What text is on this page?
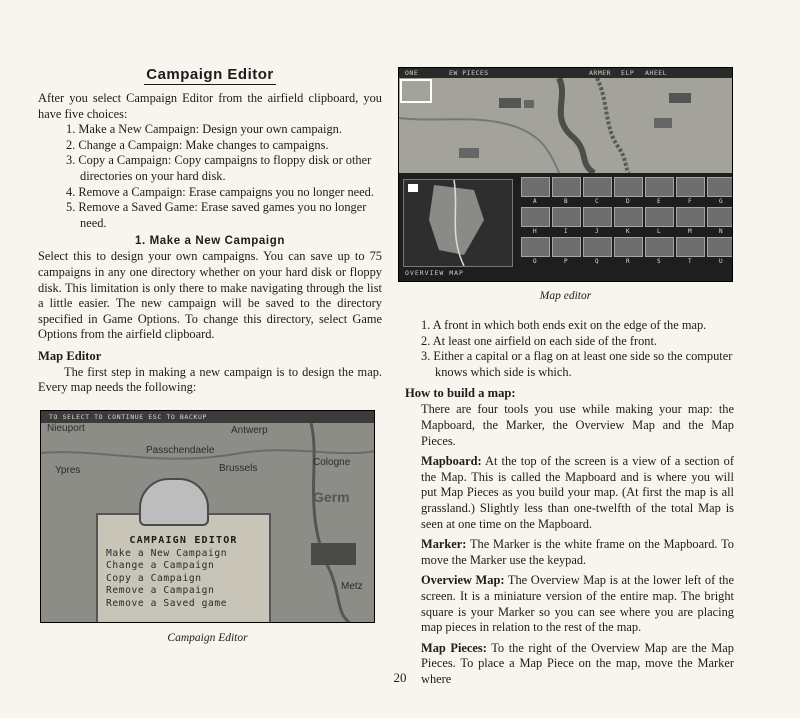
Campaign Editor

After you select Campaign Editor from the airfield clipboard, you have five choices:

1. Make a New Campaign: Design your own campaign.
2. Change a Campaign: Make changes to campaigns.
3. Copy a Campaign: Copy campaigns to floppy disk or other directories on your hard disk.
4. Remove a Campaign: Erase campaigns you no longer need.
5. Remove a Saved Game: Erase saved games you no longer need.
1. Make a New Campaign

Select this to design your own campaigns. You can save up to 75 campaigns in any one directory whether on your hard disk or floppy disk. This limitation is only there to make navigating through the list a little easier. The new campaign will be saved to the directory specified in Game Options. To change this directory, select Game Options from the airfield clipboard.

Map Editor

The first step in making a new campaign is to design the map. Every map needs the following:

ONE	EW PIECES	ARMER ELP AHEEL
OVERVIEW MAP
A	B	C	D	E	F	G
H	I	J	K	L	M	N
O	P	Q	R	S	T	U
Map editor
TO SELECT TO CONTINUE ESC TO BACKUP
Nieuport	Antwerp
Passchendaele
Ypres	Brussels
Cologne
Germ
Metz
CAMPAIGN EDITOR
Make a New Campaign
Change a Campaign
Copy a Campaign
Remove a Campaign
Remove a Saved game
Campaign Editor
1. A front in which both ends exit on the edge of the map.
2. At least one airfield on each side of the front.
3. Either a capital or a flag on at least one side so the computer knows which side is which.
How to build a map:

There are four tools you use while making your map: the Mapboard, the Marker, the Overview Map and the Map Pieces.

Mapboard: At the top of the screen is a view of a section of the Map. This is called the Mapboard and is where you will put Map Pieces as you build your map. (At first the map is all grassland.) Slightly less than one-twelfth of the total Map is seen at one time on the Mapboard.

Marker: The Marker is the white frame on the Mapboard. To move the Marker use the keypad.

Overview Map: The Overview Map is at the lower left of the screen. It is a miniature version of the entire map. The bright square is your Marker so you can see where you are placing map pieces in relation to the rest of the map.

Map Pieces: To the right of the Overview Map are the Map Pieces. To place a Map Piece on the map, move the Marker where

20
